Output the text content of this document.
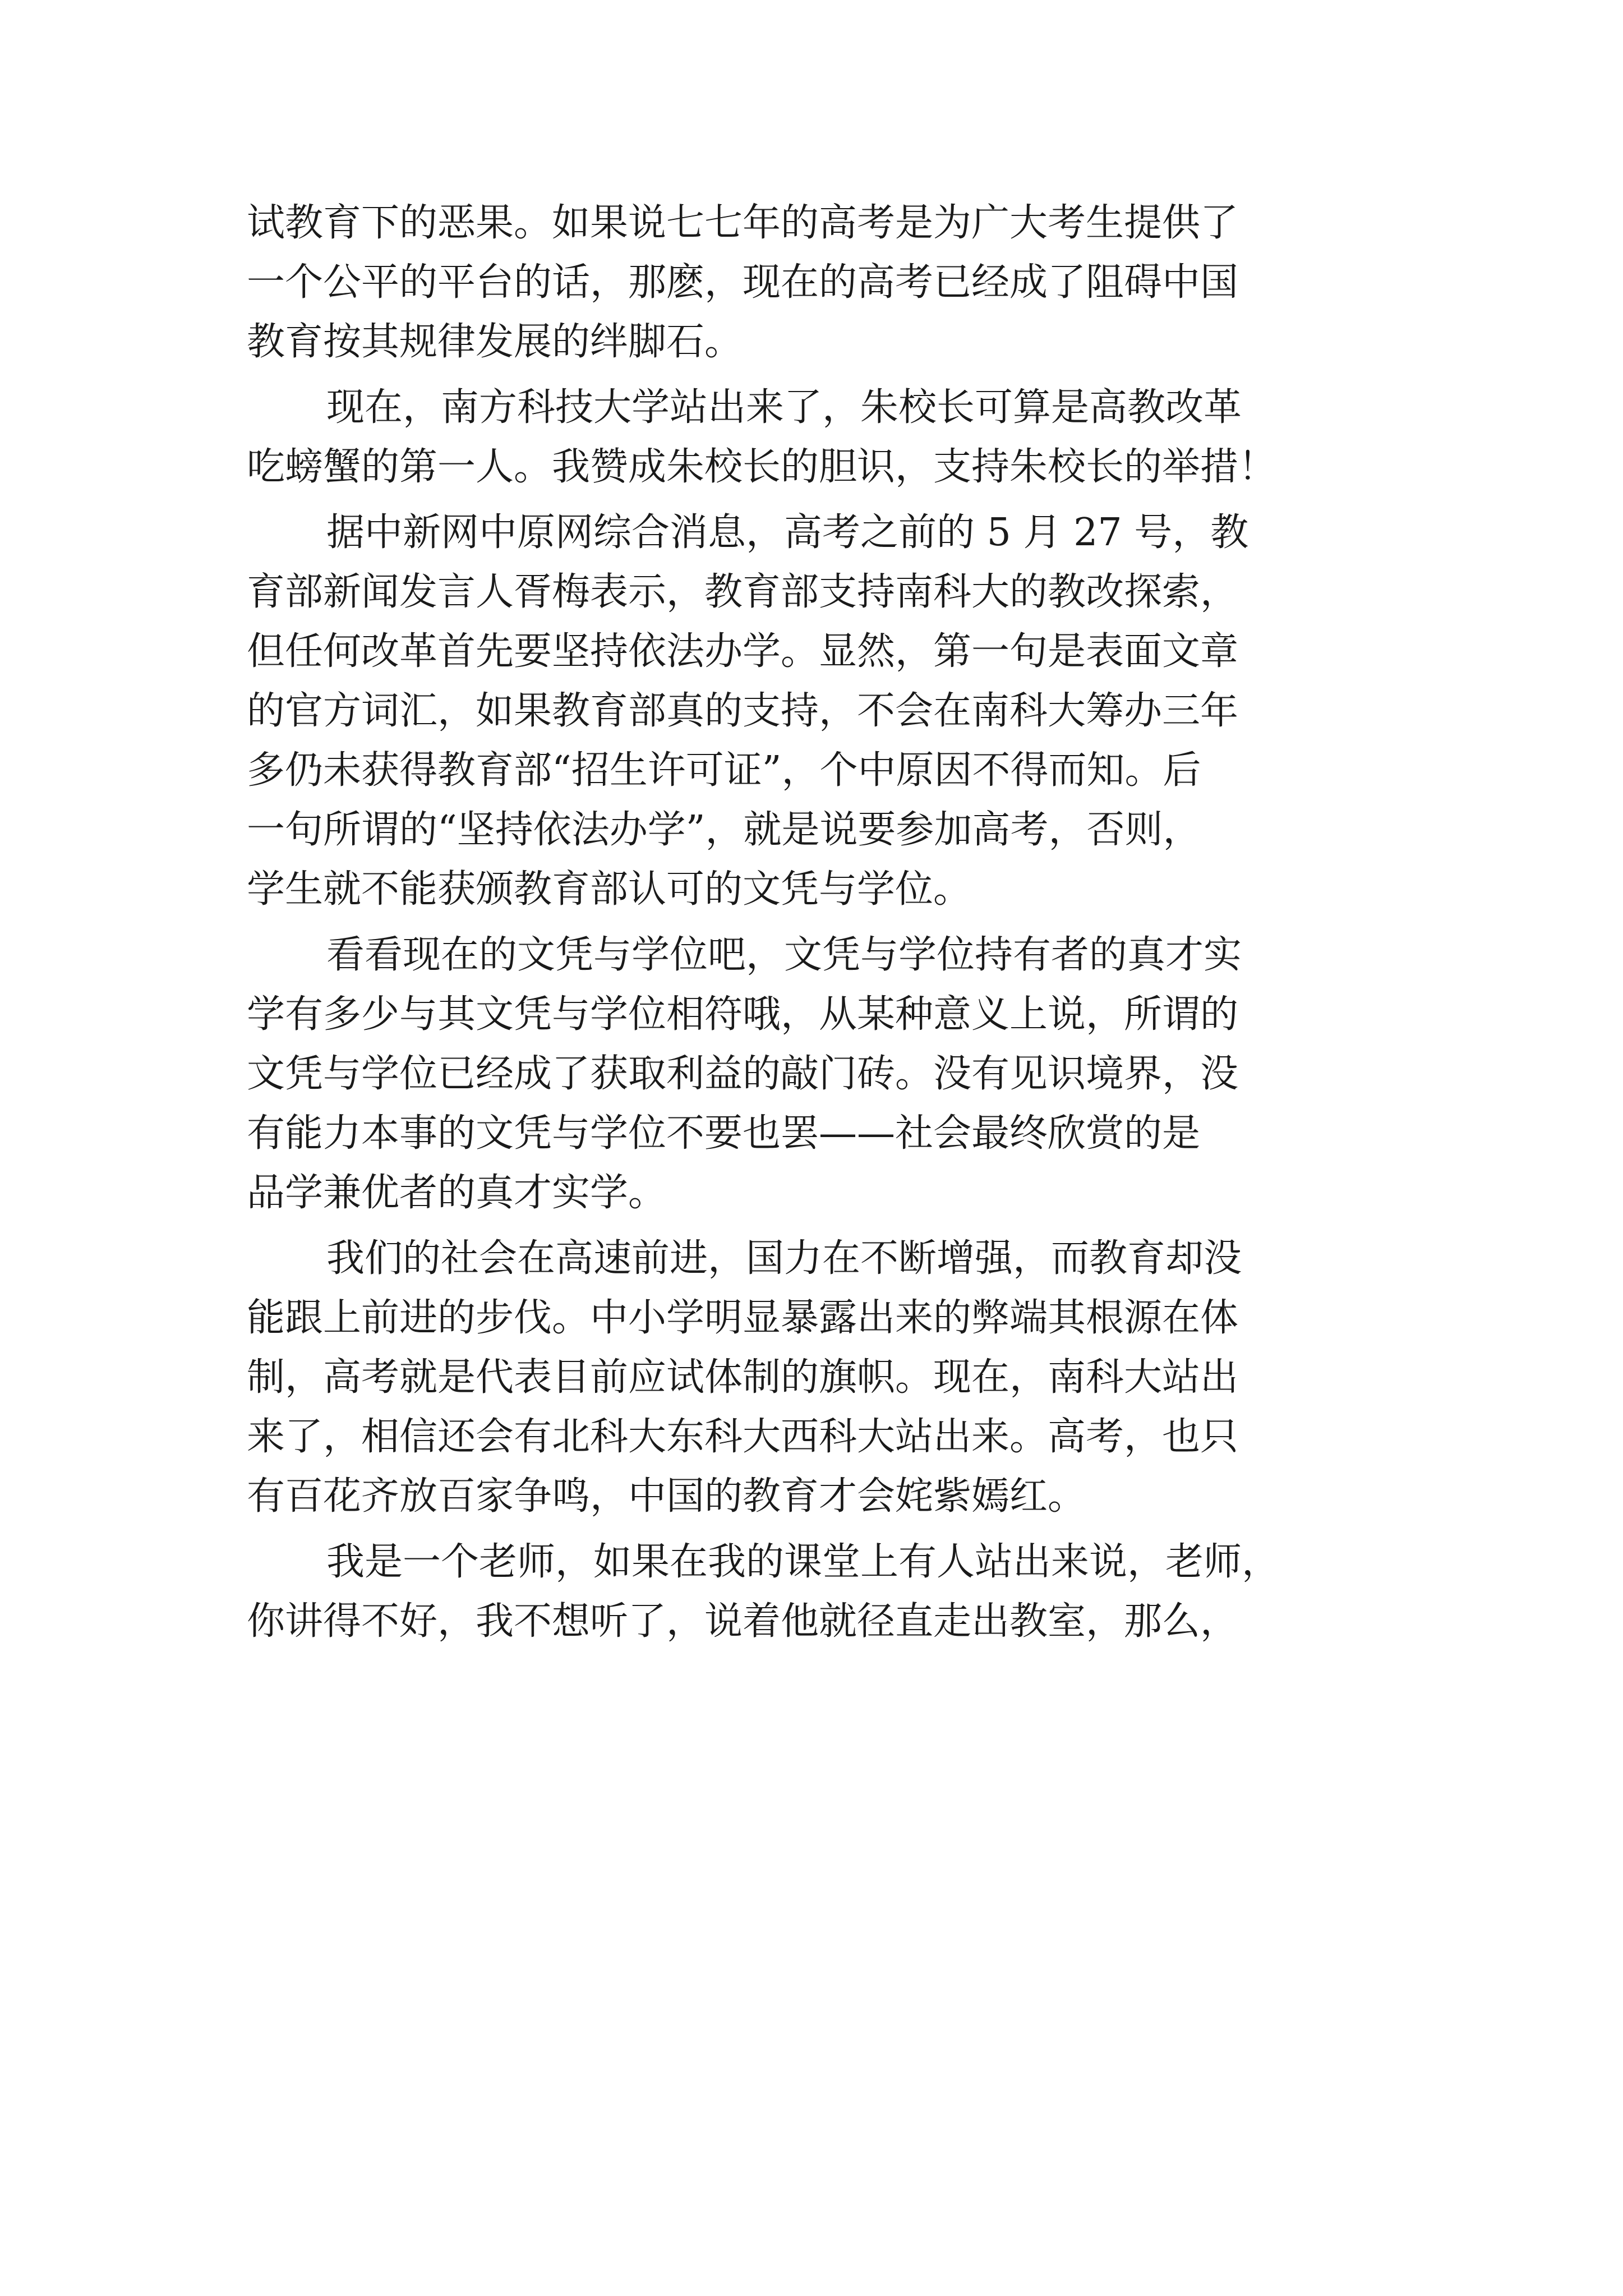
试教育下的恶果。如果说七七年的高考是为广大考生提供了
一个公平的平台的话，那麽，现在的高考已经成了阻碍中国
教育按其规律发展的绊脚石。
现在，南方科技大学站出来了，朱校长可算是高教改革
吃螃蟹的第一人。我赞成朱校长的胆识，支持朱校长的举措！
据中新网中原网综合消息，高考之前的 5 月 27 号，教
育部新闻发言人胥梅表示，教育部支持南科大的教改探索，
但任何改革首先要坚持依法办学。显然，第一句是表面文章
的官方词汇，如果教育部真的支持，不会在南科大筹办三年
多仍未获得教育部“招生许可证”，个中原因不得而知。后
一句所谓的“坚持依法办学”，就是说要参加高考，否则，
学生就不能获颁教育部认可的文凭与学位。
看看现在的文凭与学位吧，文凭与学位持有者的真才实
学有多少与其文凭与学位相符哦，从某种意义上说，所谓的
文凭与学位已经成了获取利益的敲门砖。没有见识境界，没
有能力本事的文凭与学位不要也罢——社会最终欣赏的是
品学兼优者的真才实学。
我们的社会在高速前进，国力在不断增强，而教育却没
能跟上前进的步伐。中小学明显暴露出来的弊端其根源在体
制，高考就是代表目前应试体制的旗帜。现在，南科大站出
来了，相信还会有北科大东科大西科大站出来。高考，也只
有百花齐放百家争鸣，中国的教育才会姹紫嫣红。
我是一个老师，如果在我的课堂上有人站出来说，老师，
你讲得不好，我不想听了，说着他就径直走出教室，那么，
